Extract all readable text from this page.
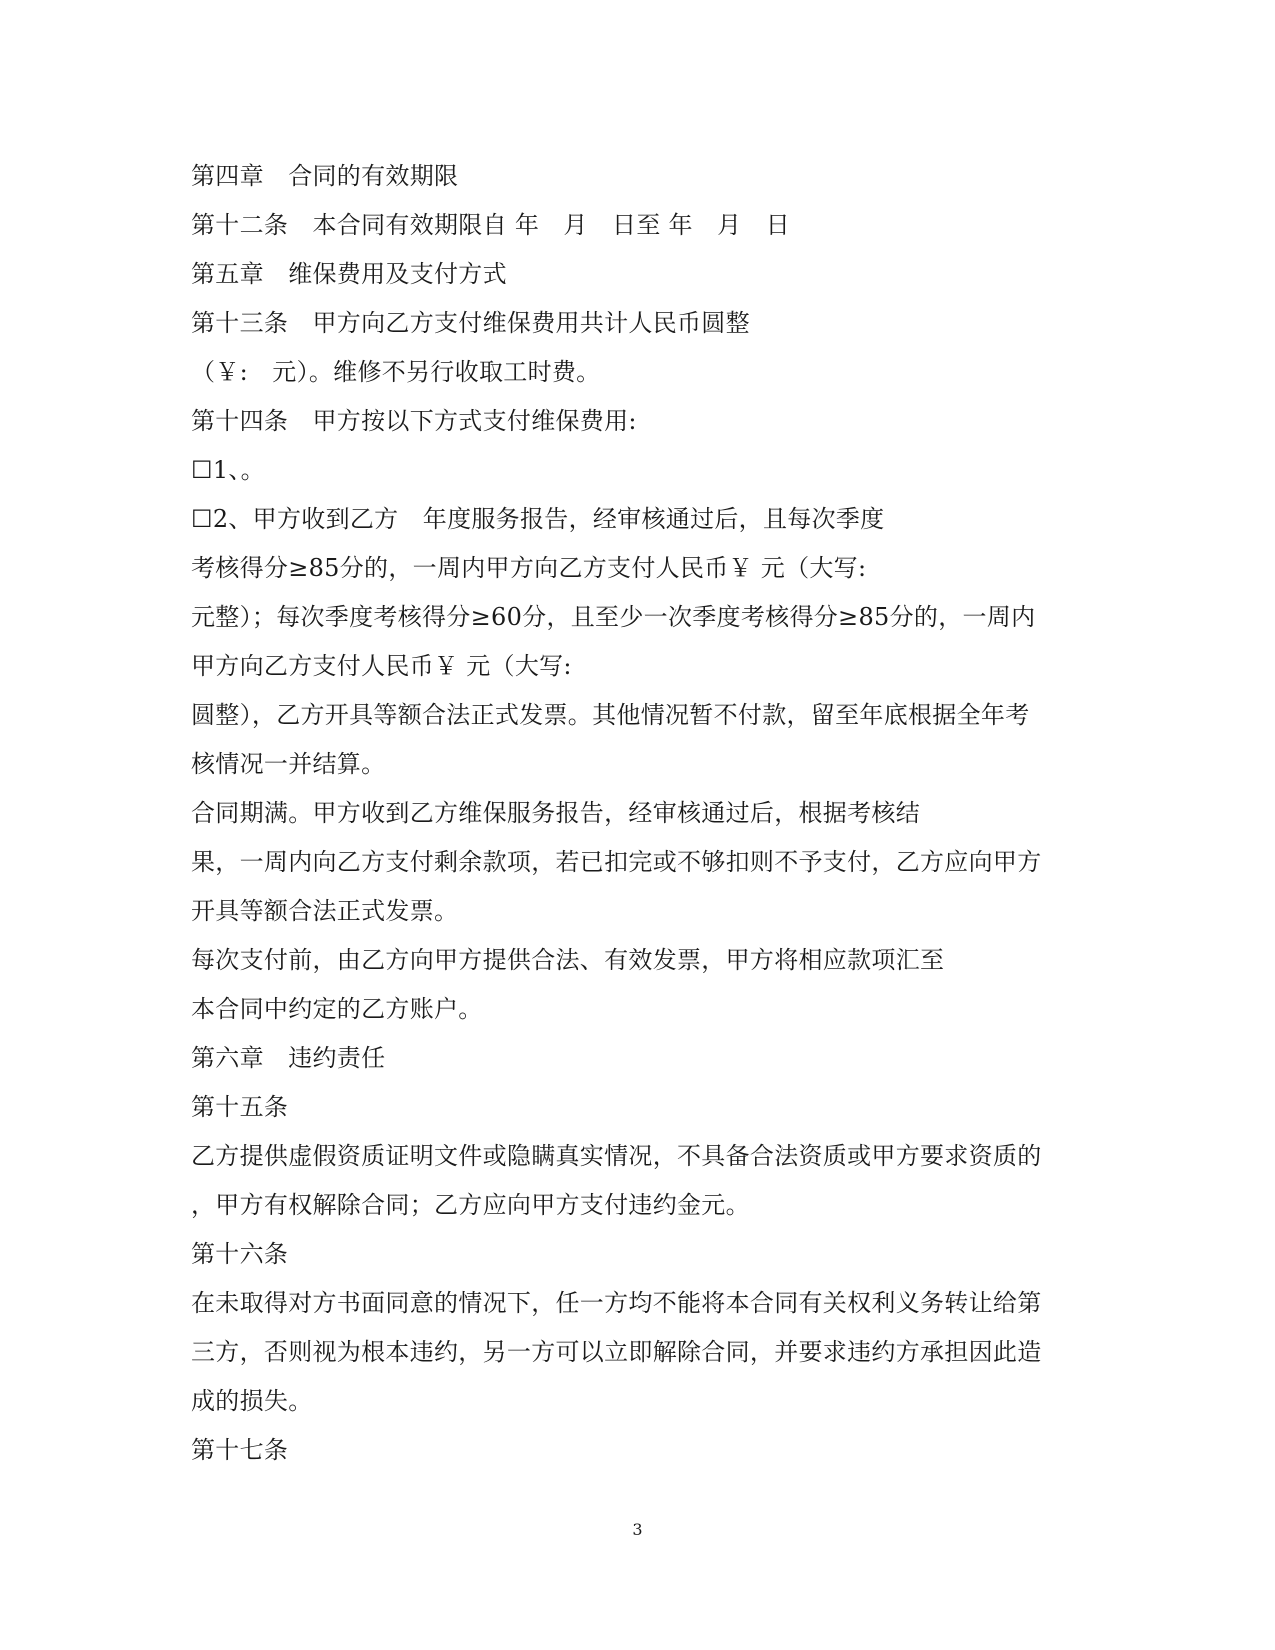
第四章　合同的有效期限
第十二条　本合同有效期限自 年　月　日至 年　月　日
第五章　维保费用及支付方式
第十三条　甲方向乙方支付维保费用共计人民币圆整
（￥:　元）。维修不另行收取工时费。
第十四条　甲方按以下方式支付维保费用:
☐1、。
☐2、甲方收到乙方　年度服务报告，经审核通过后，且每次季度
考核得分≥85分的，一周内甲方向乙方支付人民币￥ 元（大写:
元整）；每次季度考核得分≥60分，且至少一次季度考核得分≥85分的，一周内
甲方向乙方支付人民币￥ 元（大写:
圆整），乙方开具等额合法正式发票。其他情况暂不付款，留至年底根据全年考
核情况一并结算。
合同期满。甲方收到乙方维保服务报告，经审核通过后，根据考核结
果，一周内向乙方支付剩余款项，若已扣完或不够扣则不予支付，乙方应向甲方
开具等额合法正式发票。
每次支付前，由乙方向甲方提供合法、有效发票，甲方将相应款项汇至
本合同中约定的乙方账户。
第六章　违约责任
第十五条
乙方提供虚假资质证明文件或隐瞒真实情况，不具备合法资质或甲方要求资质的
，甲方有权解除合同；乙方应向甲方支付违约金元。
第十六条
在未取得对方书面同意的情况下，任一方均不能将本合同有关权利义务转让给第
三方，否则视为根本违约，另一方可以立即解除合同，并要求违约方承担因此造
成的损失。
第十七条
3
